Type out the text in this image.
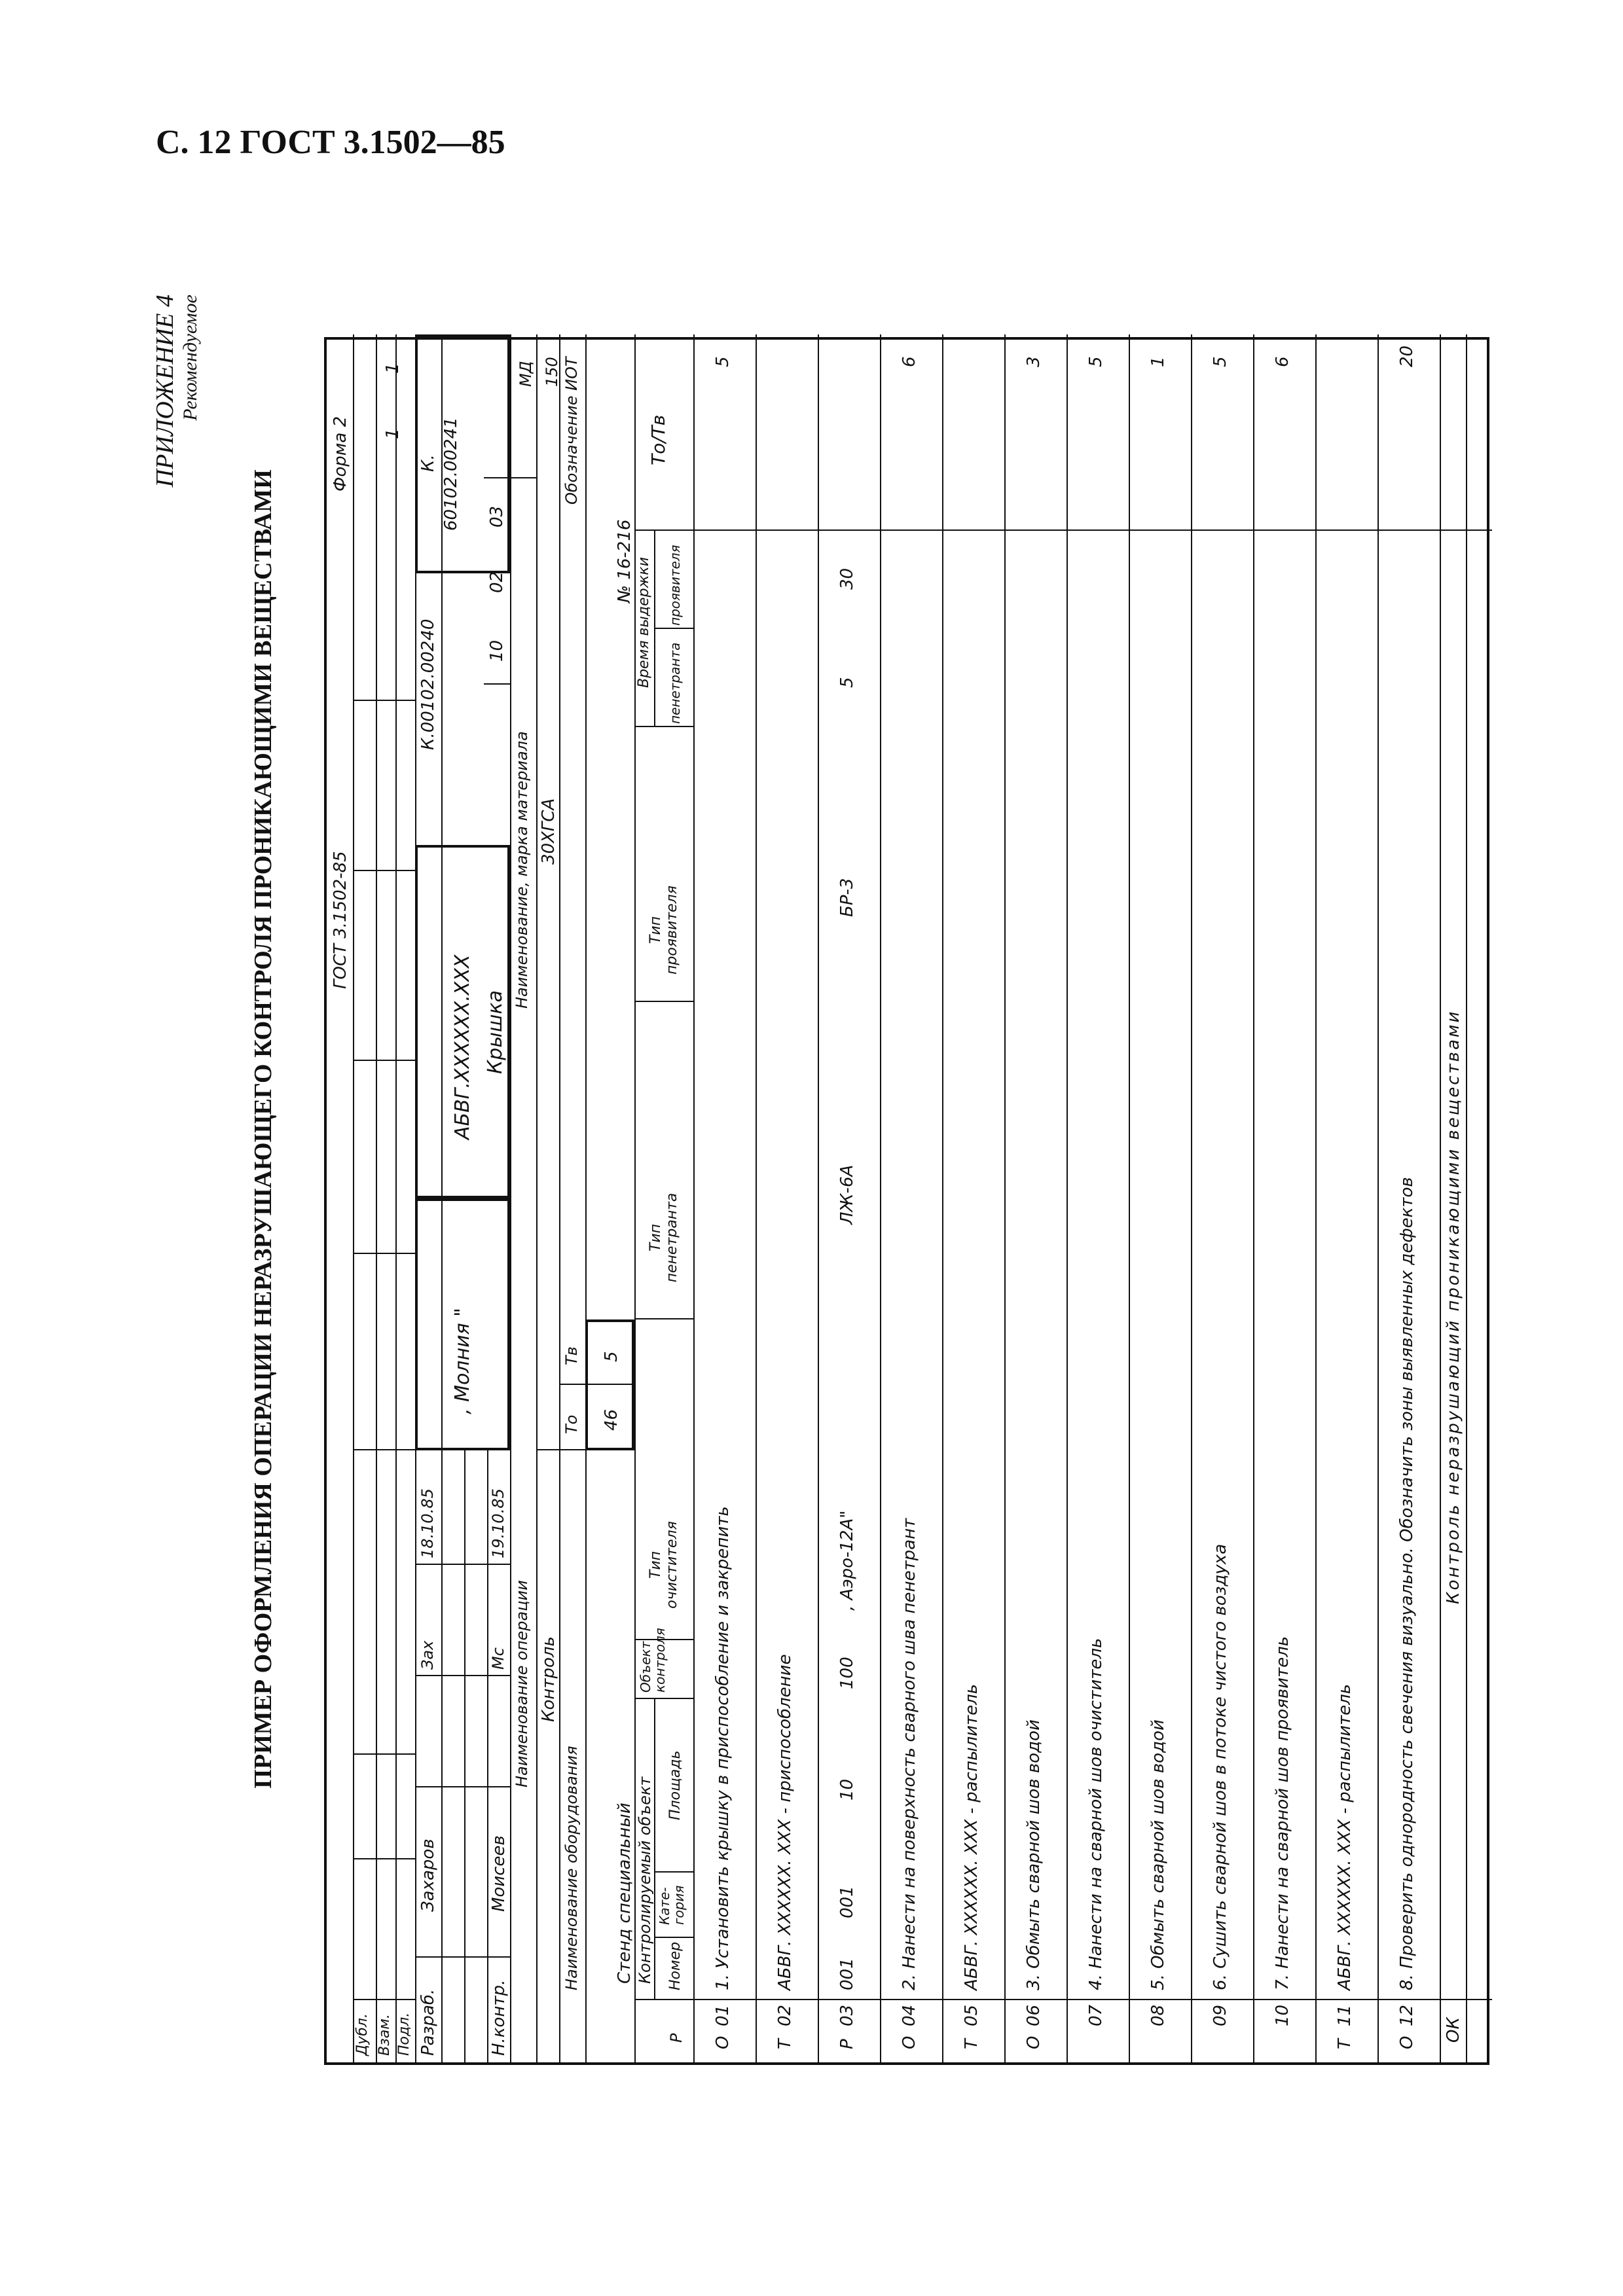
С. 12 ГОСТ 3.1502—85
ПРИЛОЖЕНИЕ 4 Рекомендуемое
ПРИМЕР ОФОРМЛЕНИЯ ОПЕРАЦИИ НЕРАЗРУШАЮЩЕГО КОНТРОЛЯ ПРОНИКАЮЩИМИ ВЕЩЕСТВАМИ	ГОСТ 3.1502-85
Форма 2
Дубл. Взам. Подл. Разраб.
Захаров
18.10.85
Зах
Н.контр.
Моисеев
19.10.85
Мс
, Молния "
АБВГ.XXXXXX.XXX
К.00102.00240
К. 60102.00241
1
1
Крышка
10
02
03
МД 150
Наименование операции Контроль
Наименование, марка материала 30ХГСА
Наименование оборудования
Обозначение ИОТ
То
Тв
46
5
Стенд специальный
№ 16-216
Контролируемый объект
Р
Номер
Кате-гория
Площадь
Объект контроля
Тип очистителя
Тип пенетранта
Тип проявителя
Время выдержки пенетранта
проявителя
То/Тв
О
01
1. Установить крышку в приспособление и закрепить
5
Т
02
АБВГ. XXXXXX. XXX - приспособление
Р
03
001
001
10
100
, Аэро-12А"
ЛЖ-6А
БР-3
5
30
О
04
2. Нанести на поверхность сварного шва пенетрант
6
Т
05
АБВГ. XXXXXX. XXX - распылитель
О
06
3. Обмыть сварной шов водой
3
07
4. Нанести на сварной шов очиститель
5
08
5. Обмыть сварной шов водой
1
09
6. Сушить сварной шов в потоке чистого воздуха
5
10
7. Нанести на сварной шов проявитель
6
Т
11
АБВГ. XXXXXX. XXX - распылитель
О
12
8. Проверить однородность свечения визуально. Обозначить зоны выявленных дефектов
20
ОК
Контроль неразрушающий проникающими веществами
